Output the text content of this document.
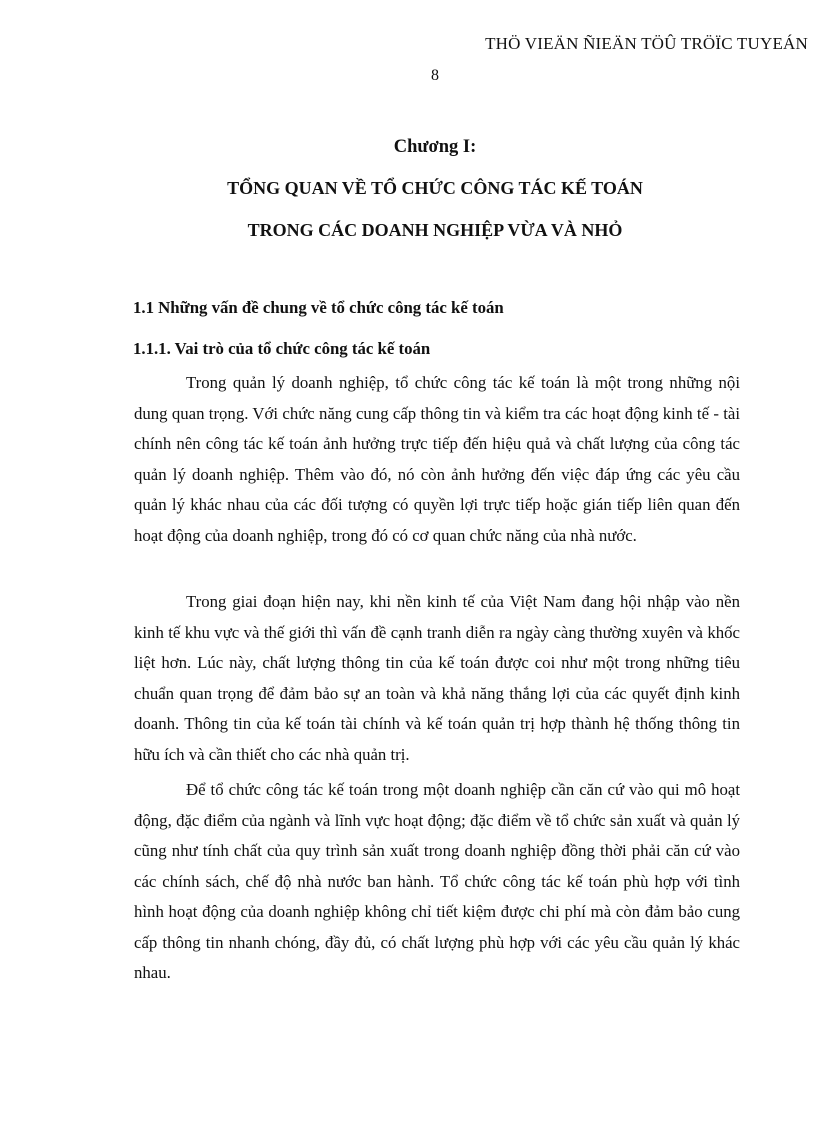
THÖ VIEÄN ÑIEÄN TÖÛ TRÖÏC TUYEÁN
8
Chương I:
TỔNG QUAN VỀ TỔ CHỨC CÔNG TÁC KẾ TOÁN
TRONG CÁC DOANH NGHIỆP VỪA VÀ NHỎ
1.1 Những vấn đề chung về tổ chức công tác kế toán
1.1.1. Vai trò của tổ chức công tác kế toán

Trong quản lý doanh nghiệp, tổ chức công tác kế toán là một trong những nội dung quan trọng. Với chức năng cung cấp thông tin và kiểm tra các hoạt động kinh tế - tài chính nên công tác kế toán ảnh hưởng trực tiếp đến hiệu quả và chất lượng của công tác quản lý doanh nghiệp. Thêm vào đó, nó còn ảnh hưởng đến việc đáp ứng các yêu cầu quản lý khác nhau của các đối tượng có quyền lợi trực tiếp hoặc gián tiếp liên quan đến hoạt động của doanh nghiệp, trong đó có cơ quan chức năng của nhà nước.

Trong giai đoạn hiện nay, khi nền kinh tế của Việt Nam đang hội nhập vào nền kinh tế khu vực và thế giới thì vấn đề cạnh tranh diễn ra ngày càng thường xuyên và khốc liệt hơn. Lúc này, chất lượng thông tin của kế toán được coi như một trong những tiêu chuẩn quan trọng để đảm bảo sự an toàn và khả năng thắng lợi của các quyết định kinh doanh. Thông tin của kế toán tài chính và kế toán quản trị hợp thành hệ thống thông tin hữu ích và cần thiết cho các nhà quản trị.

Để tổ chức công tác kế toán trong một doanh nghiệp cần căn cứ vào qui mô hoạt động, đặc điểm của ngành và lĩnh vực hoạt động; đặc điểm về tổ chức sản xuất và quản lý cũng như tính chất của quy trình sản xuất trong doanh nghiệp đồng thời phải căn cứ vào các chính sách, chế độ nhà nước ban hành. Tổ chức công tác kế toán phù hợp với tình hình hoạt động của doanh nghiệp không chỉ tiết kiệm được chi phí mà còn đảm bảo cung cấp thông tin nhanh chóng, đầy đủ, có chất lượng phù hợp với các yêu cầu quản lý khác nhau.
